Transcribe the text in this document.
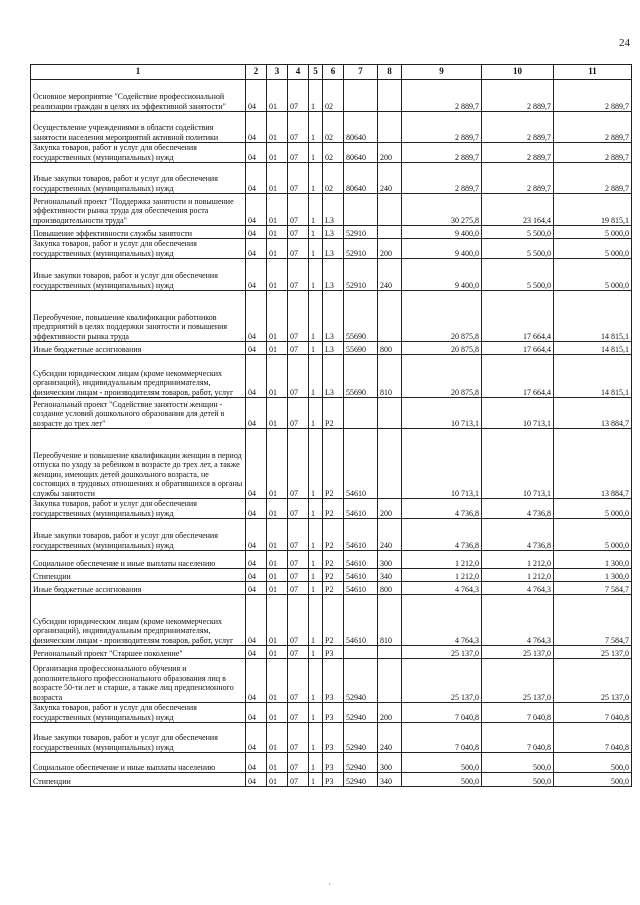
24
1	2	3	4	5	6	7	8	9	10	11
Основное мероприятие "Содействие профессиональной реализации граждан в целях их эффективной занятости"	04	01	07	1	02			2 889,7	2 889,7	2 889,7
Осуществление учреждениями в области содействия занятости населения мероприятий активной политики	04	01	07	1	02	80640		2 889,7	2 889,7	2 889,7
Закупка товаров, работ и услуг для обеспечения государственных (муниципальных) нужд	04	01	07	1	02	80640	200	2 889,7	2 889,7	2 889,7
Иные закупки товаров, работ и услуг для обеспечения государственных (муниципальных) нужд	04	01	07	1	02	80640	240	2 889,7	2 889,7	2 889,7
Региональный проект "Поддержка занятости и повышение эффективности рынка труда для обеспечения роста производительности труда"	04	01	07	1	L3			30 275,8	23 164,4	19 815,1
Повышение эффективности службы занятости	04	01	07	1	L3	52910		9 400,0	5 500,0	5 000,0
Закупка товаров, работ и услуг для обеспечения государственных (муниципальных) нужд	04	01	07	1	L3	52910	200	9 400,0	5 500,0	5 000,0
Иные закупки товаров, работ и услуг для обеспечения государственных (муниципальных) нужд	04	01	07	1	L3	52910	240	9 400,0	5 500,0	5 000,0
Переобучение, повышение квалификации работников предприятий в целях поддержки занятости и повышения эффективности рынка труда	04	01	07	1	L3	55690		20 875,8	17 664,4	14 815,1
Иные бюджетные ассигнования	04	01	07	1	L3	55690	800	20 875,8	17 664,4	14 815,1
Субсидии юридическим лицам (кроме некоммерческих организаций), индивидуальным предпринимателям, физическим лицам - производителям товаров, работ, услуг	04	01	07	1	L3	55690	810	20 875,8	17 664,4	14 815,1
Региональный проект "Содействие занятости женщин - создание условий дошкольного образования для детей в возрасте до трех лет"	04	01	07	1	P2			10 713,1	10 713,1	13 884,7
Переобучение и повышение квалификации женщин в период отпуска по уходу за ребенком в возрасте до трех лет, а также женщин, имеющих детей дошкольного возраста, не состоящих в трудовых отношениях и обратившихся в органы службы занятости	04	01	07	1	P2	54610		10 713,1	10 713,1	13 884,7
Закупка товаров, работ и услуг для обеспечения государственных (муниципальных) нужд	04	01	07	1	P2	54610	200	4 736,8	4 736,8	5 000,0
Иные закупки товаров, работ и услуг для обеспечения государственных (муниципальных) нужд	04	01	07	1	P2	54610	240	4 736,8	4 736,8	5 000,0
Социальное обеспечение и иные выплаты населению	04	01	07	1	P2	54610	300	1 212,0	1 212,0	1 300,0
Стипендии	04	01	07	1	P2	54610	340	1 212,0	1 212,0	1 300,0
Иные бюджетные ассигнования	04	01	07	1	P2	54610	800	4 764,3	4 764,3	7 584,7
Субсидии юридическим лицам (кроме некоммерческих организаций), индивидуальным предпринимателям, физическим лицам - производителям товаров, работ, услуг	04	01	07	1	P2	54610	810	4 764,3	4 764,3	7 584,7
Региональный проект "Старшее поколение"	04	01	07	1	P3			25 137,0	25 137,0	25 137,0
Организация профессионального обучения и дополнительного профессионального образования лиц в возрасте 50-ти лет и старше, а также лиц предпенсионного возраста	04	01	07	1	P3	52940		25 137,0	25 137,0	25 137,0
Закупка товаров, работ и услуг для обеспечения государственных (муниципальных) нужд	04	01	07	1	P3	52940	200	7 040,8	7 040,8	7 040,8
Иные закупки товаров, работ и услуг для обеспечения государственных (муниципальных) нужд	04	01	07	1	P3	52940	240	7 040,8	7 040,8	7 040,8
Социальное обеспечение и иные выплаты населению	04	01	07	1	P3	52940	300	500,0	500,0	500,0
Стипендии	04	01	07	1	P3	52940	340	500,0	500,0	500,0
·
